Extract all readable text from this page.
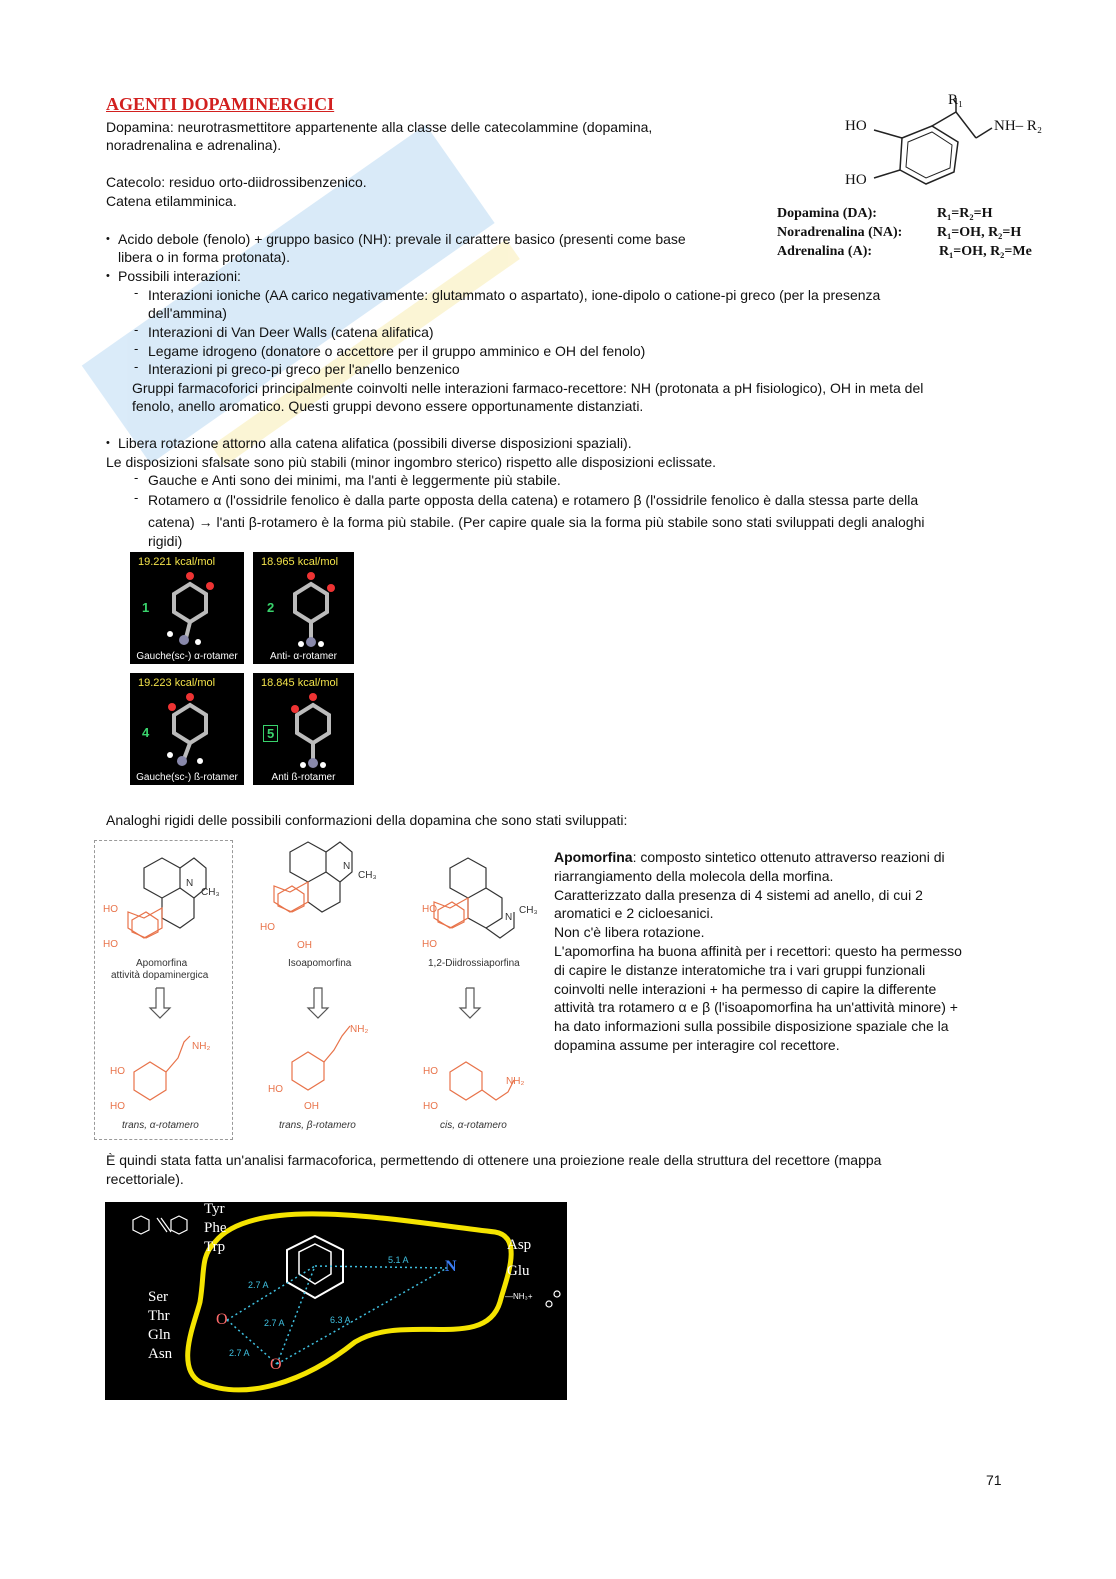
AGENTI DOPAMINERGICI
Dopamina: neurotrasmettitore appartenente alla classe delle catecolammine (dopamina,
noradrenalina e adrenalina).
Catecolo: residuo orto-diidrossibenzenico.
Catena etilamminica.
R₁
HO
HO
NH– R₂
Dopamina (DA):	R₁=R₂=H
Noradrenalina (NA):	R₁=OH, R₂=H
Adrenalina (A):	R₁=OH, R₂=Me
• Acido debole (fenolo) + gruppo basico (NH): prevale il carattere basico (presenti come base
libera o in forma protonata).
• Possibili interazioni:
- Interazioni ioniche (AA carico negativamente: glutammato o aspartato), ione-dipolo o catione-pi greco (per la presenza
dell'ammina)
- Interazioni di Van Deer Walls (catena alifatica)
- Legame idrogeno (donatore o accettore per il gruppo amminico e OH del fenolo)
- Interazioni pi greco-pi greco per l'anello benzenico
Gruppi farmacoforici principalmente coinvolti nelle interazioni farmaco-recettore: NH (protonata a pH fisiologico), OH in meta del
fenolo, anello aromatico. Questi gruppi devono essere opportunamente distanziati.
• Libera rotazione attorno alla catena alifatica (possibili diverse disposizioni spaziali).
Le disposizioni sfalsate sono più stabili (minor ingombro sterico) rispetto alle disposizioni eclissate.
- Gauche e Anti sono dei minimi, ma l'anti è leggermente più stabile.
- Rotamero α (l'ossidrile fenolico è dalla parte opposta della catena) e rotamero β (l'ossidrile fenolico è dalla stessa parte della
catena) → l'anti β-rotamero è la forma più stabile. (Per capire quale sia la forma più stabile sono stati sviluppati degli analoghi
rigidi)
19.221 kcal/mol
1
Gauche(sc-) α-rotamer
18.965 kcal/mol
2
Anti- α-rotamer
19.223 kcal/mol
4
Gauche(sc-) ß-rotamer
18.845 kcal/mol
5
Anti ß-rotamer
Analoghi rigidi delle possibili conformazioni della dopamina che sono stati sviluppati:
HO
HO
N
CH₃
HO
OH
N
CH₃
HO
HO
N
CH₃
Apomorfina
attività dopaminergica
Isoapomorfina	1,2-Diidrossiaporfina
NH₂
HO
HO
NH₂
HO
OH
HO
HO
NH₂
trans, α-rotamero	trans, β-rotamero	cis, α-rotamero
Apomorfina: composto sintetico ottenuto attraverso reazioni di
riarrangiamento della molecola della morfina.
Caratterizzato dalla presenza di 4 sistemi ad anello, di cui 2
aromatici e 2 cicloesanici.
Non c'è libera rotazione.
L'apomorfina ha buona affinità per i recettori: questo ha permesso
di capire le distanze interatomiche tra i vari gruppi funzionali
coinvolti nelle interazioni + ha permesso di capire la differente
attività tra rotamero α e β (l'isoapomorfina ha un'attività minore) +
ha dato informazioni sulla possibile disposizione spaziale che la
dopamina assume per interagire col recettore.
È quindi stata fatta un'analisi farmacoforica, permettendo di ottenere una proiezione reale della struttura del recettore (mappa
recettoriale).
Tyr
Phe
Trp	Asp
Glu
Ser
Thr
Gln
Asn
5.1 A
2.7 A
2.7 A	6.3 A
2.7 A
N
O
O
—NH₃+
71
